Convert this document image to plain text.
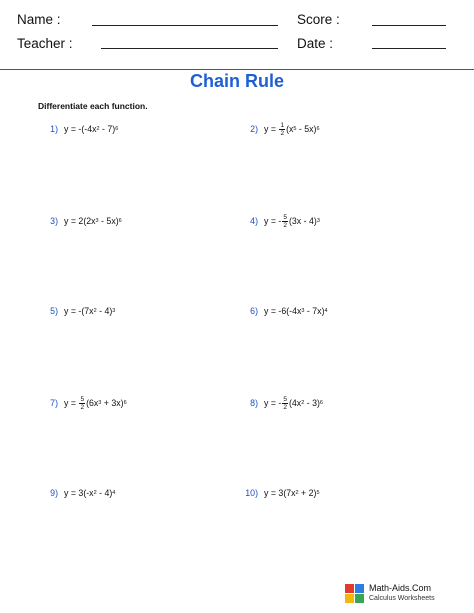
Name :	Score :
Teacher :	Date :
Chain Rule
Differentiate each function.
1) y = -(-4x 2 - 7) 6	2) $y = \frac{1}{2} (x$ 5 - 5x) 6
3) y = 2(2x 3 - 5x) 6	4) y = - $\frac{5}{2} (3x - 4)$ 3
5) y = -(7x 2 - 4) 3	6) y = -6(-4x 3 - 7x) 4
7) $y = \frac{5}{2} (6x$ 3 + 3x) 6	8) y = - $\frac{5}{2} (4x$ 2 - 3) 6
9) y = 3(-x 2 - 4) 4	10) y = 3(7x 2 + 2) 5
Math-Aids.Com
Calculus Worksheets
